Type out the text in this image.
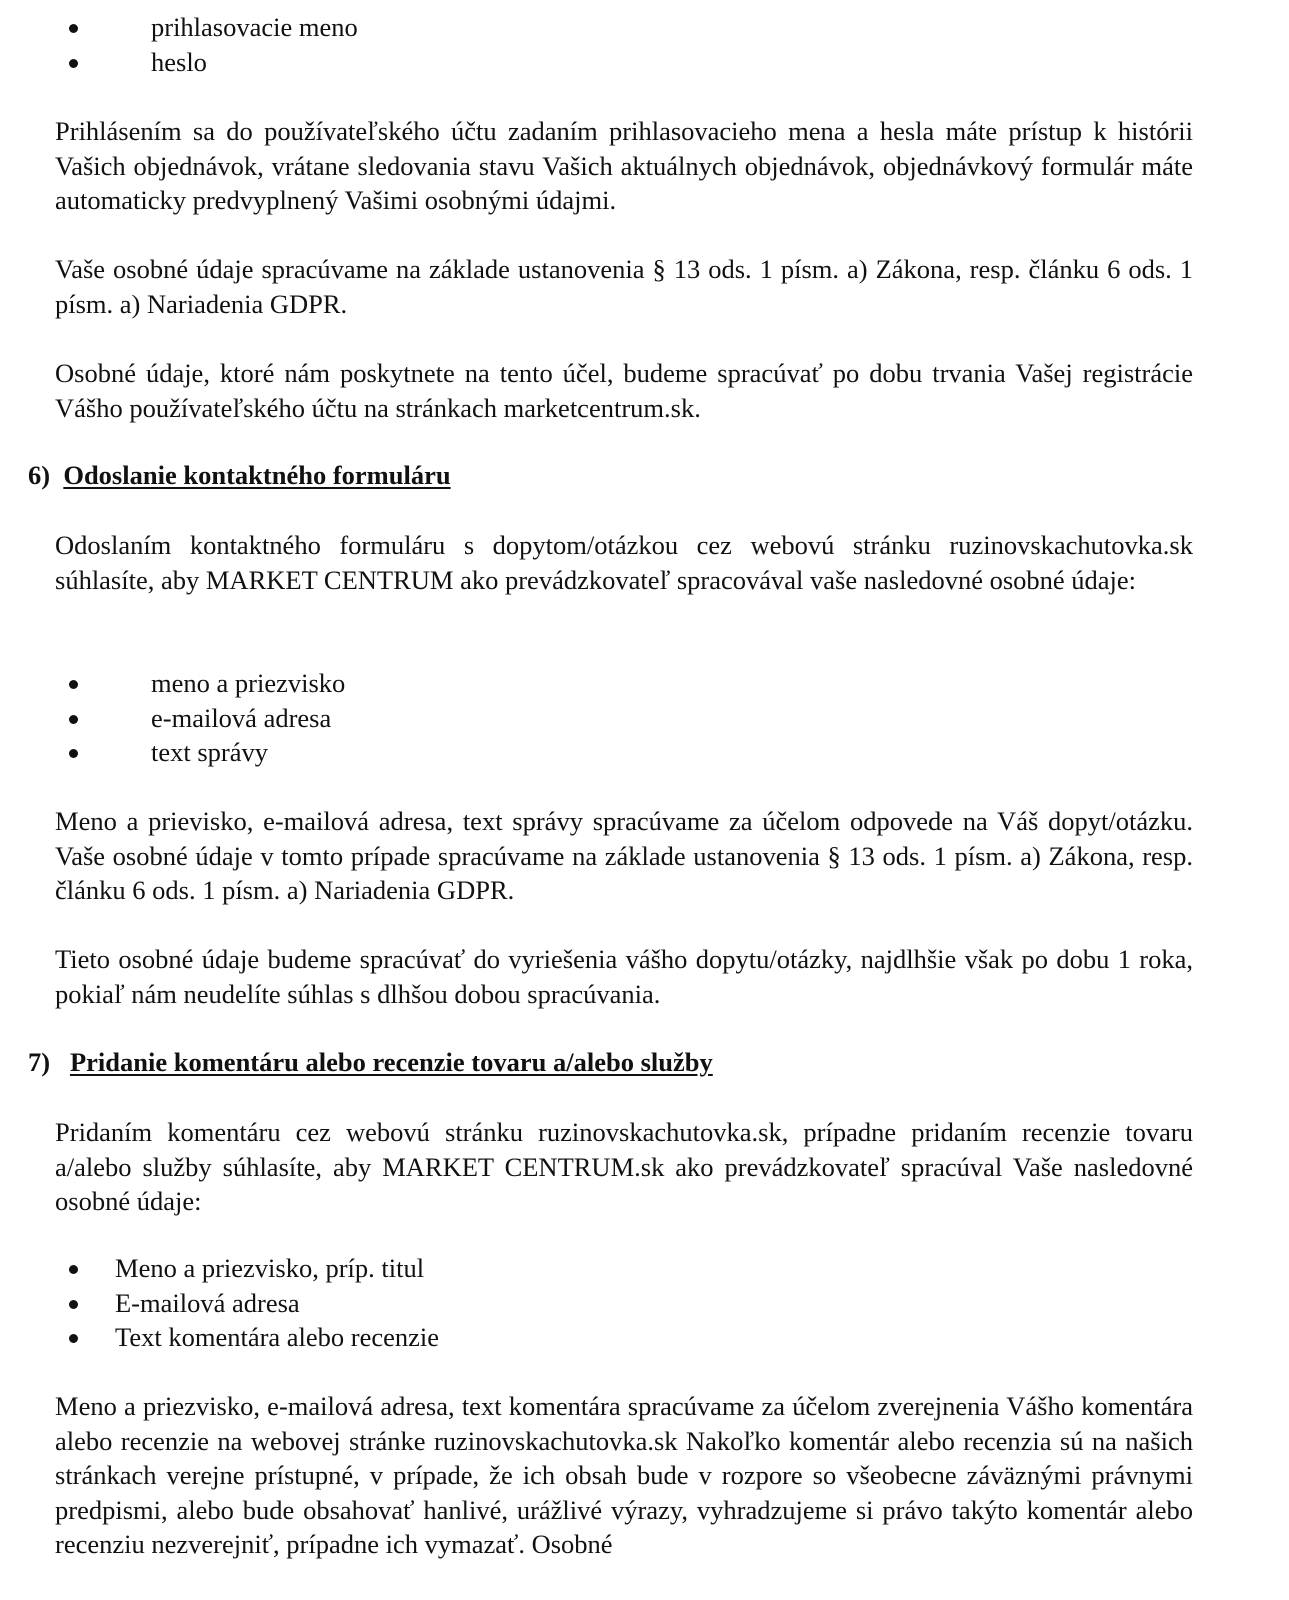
prihlasovacie meno
heslo

Prihlásením sa do používateľského účtu zadaním prihlasovacieho mena a hesla máte prístup k histórii Vašich objednávok, vrátane sledovania stavu Vašich aktuálnych objednávok, objednávkový formulár máte automaticky predvyplnený Vašimi osobnými údajmi.

Vaše osobné údaje spracúvame na základe ustanovenia § 13 ods. 1 písm. a) Zákona, resp. článku 6 ods. 1 písm. a) Nariadenia GDPR.

Osobné údaje, ktoré nám poskytnete na tento účel, budeme spracúvať po dobu trvania Vašej registrácie Vášho používateľského účtu na stránkach marketcentrum.sk.

6) Odoslanie kontaktného formuláru

Odoslaním kontaktného formuláru s dopytom/otázkou cez webovú stránku ruzinovskachutovka.sk súhlasíte, aby MARKET CENTRUM ako prevádzkovateľ spracovával vaše nasledovné osobné údaje:

meno a priezvisko
e-mailová adresa
text správy

Meno a prievisko, e-mailová adresa, text správy spracúvame za účelom odpovede na Váš dopyt/otázku. Vaše osobné údaje v tomto prípade spracúvame na základe ustanovenia § 13 ods. 1 písm. a) Zákona, resp. článku 6 ods. 1 písm. a) Nariadenia GDPR.

Tieto osobné údaje budeme spracúvať do vyriešenia vášho dopytu/otázky, najdlhšie však po dobu 1 roka, pokiaľ nám neudelíte súhlas s dlhšou dobou spracúvania.

7) Pridanie komentáru alebo recenzie tovaru a/alebo služby

Pridaním komentáru cez webovú stránku ruzinovskachutovka.sk, prípadne pridaním recenzie tovaru a/alebo služby súhlasíte, aby MARKET CENTRUM.sk ako prevádzkovateľ spracúval Vaše nasledovné osobné údaje:

Meno a priezvisko, príp. titul
E-mailová adresa
Text komentára alebo recenzie

Meno a priezvisko, e-mailová adresa, text komentára spracúvame za účelom zverejnenia Vášho komentára alebo recenzie na webovej stránke ruzinovskachutovka.sk Nakoľko komentár alebo recenzia sú na našich stránkach verejne prístupné, v prípade, že ich obsah bude v rozpore so všeobecne záväznými právnymi predpismi, alebo bude obsahovať hanlivé, urážlivé výrazy, vyhradzujeme si právo takýto komentár alebo recenziu nezverejniť, prípadne ich vymazať. Osobné
